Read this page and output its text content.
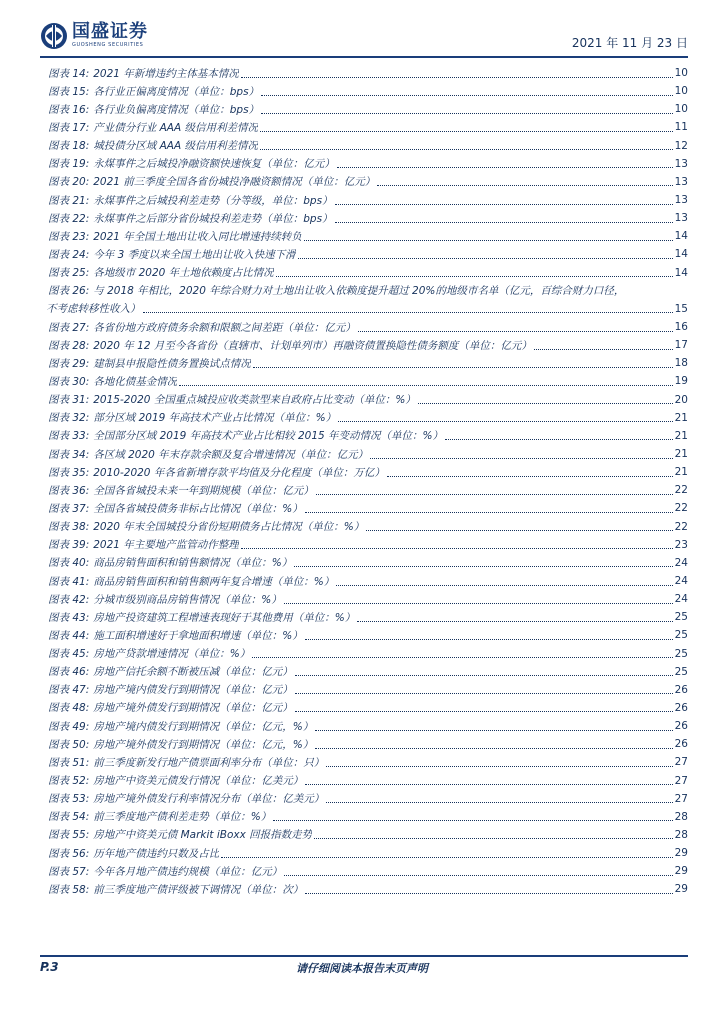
国盛证券
GUOSHENG SECURITIES	2021 年 11 月 23 日
图表 14: 2021 年新增违约主体基本情况	10
图表 15: 各行业正偏离度情况（单位：bps）	10
图表 16: 各行业负偏离度情况（单位：bps）	10
图表 17: 产业债分行业 AAA 级信用利差情况	11
图表 18: 城投债分区域 AAA 级信用利差情况	12
图表 19: 永煤事件之后城投净融资额快速恢复（单位：亿元）	13
图表 20: 2021 前三季度全国各省份城投净融资额情况（单位：亿元）	13
图表 21: 永煤事件之后城投利差走势（分等级，单位：bps）	13
图表 22: 永煤事件之后部分省份城投利差走势（单位：bps）	13
图表 23: 2021 年全国土地出让收入同比增速持续转负	14
图表 24: 今年 3 季度以来全国土地出让收入快速下滑	14
图表 25: 各地级市 2020 年土地依赖度占比情况	14
图表 26: 与 2018 年相比，2020 年综合财力对土地出让收入依赖度提升超过 20%的地级市名单（亿元，百综合财力口径，
不考虑转移性收入）	15
图表 27: 各省份地方政府债务余额和限额之间差距（单位：亿元）	16
图表 28: 2020 年 12 月至今各省份（直辖市、计划单列市）再融资债置换隐性债务额度（单位：亿元）	17
图表 29: 建制县申报隐性债务置换试点情况	18
图表 30: 各地化债基金情况	19
图表 31: 2015-2020 全国重点城投应收类款型来自政府占比变动（单位：%）	20
图表 32: 部分区域 2019 年高技术产业占比情况（单位：%）	21
图表 33: 全国部分区域 2019 年高技术产业占比相较 2015 年变动情况（单位：%）	21
图表 34: 各区域 2020 年末存款余额及复合增速情况（单位：亿元）	21
图表 35: 2010-2020 年各省新增存款平均值及分化程度（单位：万亿）	21
图表 36: 全国各省城投未来一年到期规模（单位：亿元）	22
图表 37: 全国各省城投债务非标占比情况（单位：%）	22
图表 38: 2020 年末全国城投分省份短期债务占比情况（单位：%）	22
图表 39: 2021 年主要地产监管动作整理	23
图表 40: 商品房销售面积和销售额情况（单位：%）	24
图表 41: 商品房销售面积和销售额两年复合增速（单位：%）	24
图表 42: 分城市级别商品房销售情况（单位：%）	24
图表 43: 房地产投资建筑工程增速表现好于其他费用（单位：%）	25
图表 44: 施工面积增速好于拿地面积增速（单位：%）	25
图表 45: 房地产贷款增速情况（单位：%）	25
图表 46: 房地产信托余额不断被压减（单位：亿元）	25
图表 47: 房地产境内债发行到期情况（单位：亿元）	26
图表 48: 房地产境外债发行到期情况（单位：亿元）	26
图表 49: 房地产境内债发行到期情况（单位：亿元，%）	26
图表 50: 房地产境外债发行到期情况（单位：亿元，%）	26
图表 51: 前三季度新发行地产债票面利率分布（单位：只）	27
图表 52: 房地产中资美元债发行情况（单位：亿美元）	27
图表 53: 房地产境外债发行利率情况分布（单位：亿美元）	27
图表 54: 前三季度地产债利差走势（单位：%）	28
图表 55: 房地产中资美元债 Markit iBoxx 回报指数走势	28
图表 56: 历年地产债违约只数及占比	29
图表 57: 今年各月地产债违约规模（单位：亿元）	29
图表 58: 前三季度地产债评级被下调情况（单位：次）	29
P.3	请仔细阅读本报告末页声明
